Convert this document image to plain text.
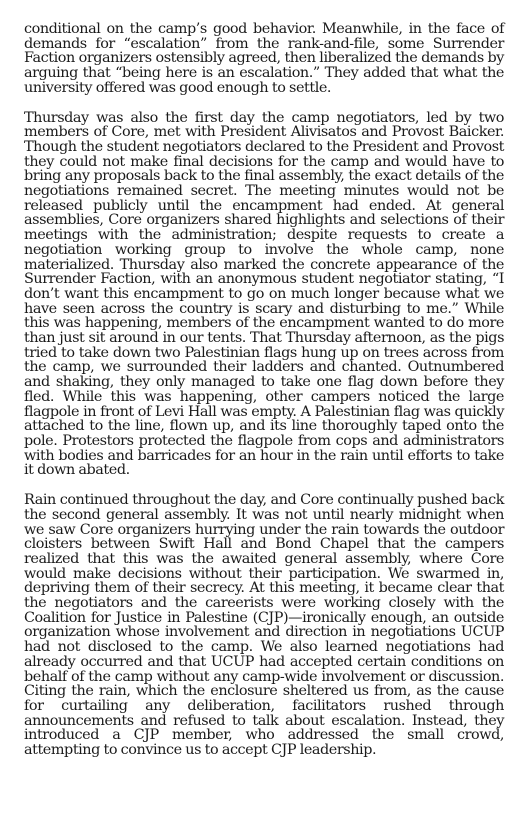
conditional on the camp’s good behavior. Meanwhile, in the face of demands for “escalation” from the rank-and-file, some Surrender Faction organizers ostensibly agreed, then liberalized the demands by arguing that “being here is an escalation.” They added that what the university offered was good enough to settle.

Thursday was also the first day the camp negotiators, led by two members of Core, met with President Alivisatos and Provost Baicker. Though the student negotiators declared to the President and Provost they could not make final decisions for the camp and would have to bring any proposals back to the final assembly, the exact details of the negotiations remained secret. The meeting minutes would not be released publicly until the encampment had ended. At general assemblies, Core organizers shared highlights and selections of their meetings with the administration; despite requests to create a negotiation working group to involve the whole camp, none materialized. Thursday also marked the concrete appearance of the Surrender Faction, with an anonymous student negotiator stating, “I don’t want this encampment to go on much longer because what we have seen across the country is scary and disturbing to me.” While this was happening, members of the encampment wanted to do more than just sit around in our tents. That Thursday afternoon, as the pigs tried to take down two Palestinian flags hung up on trees across from the camp, we surrounded their ladders and chanted. Outnumbered and shaking, they only managed to take one flag down before they fled. While this was happening, other campers noticed the large flagpole in front of Levi Hall was empty. A Palestinian flag was quickly attached to the line, flown up, and its line thoroughly taped onto the pole. Protestors protected the flagpole from cops and administrators with bodies and barricades for an hour in the rain until efforts to take it down abated.

Rain continued throughout the day, and Core continually pushed back the second general assembly. It was not until nearly midnight when we saw Core organizers hurrying under the rain towards the outdoor cloisters between Swift Hall and Bond Chapel that the campers realized that this was the awaited general assembly, where Core would make decisions without their participation. We swarmed in, depriving them of their secrecy. At this meeting, it became clear that the negotiators and the careerists were working closely with the Coalition for Justice in Palestine (CJP)—ironically enough, an outside organization whose involvement and direction in negotiations UCUP had not disclosed to the camp. We also learned negotiations had already occurred and that UCUP had accepted certain conditions on behalf of the camp without any camp-wide involvement or discussion. Citing the rain, which the enclosure sheltered us from, as the cause for curtailing any deliberation, facilitators rushed through announcements and refused to talk about escalation. Instead, they introduced a CJP member, who addressed the small crowd, attempting to convince us to accept CJP leadership.
